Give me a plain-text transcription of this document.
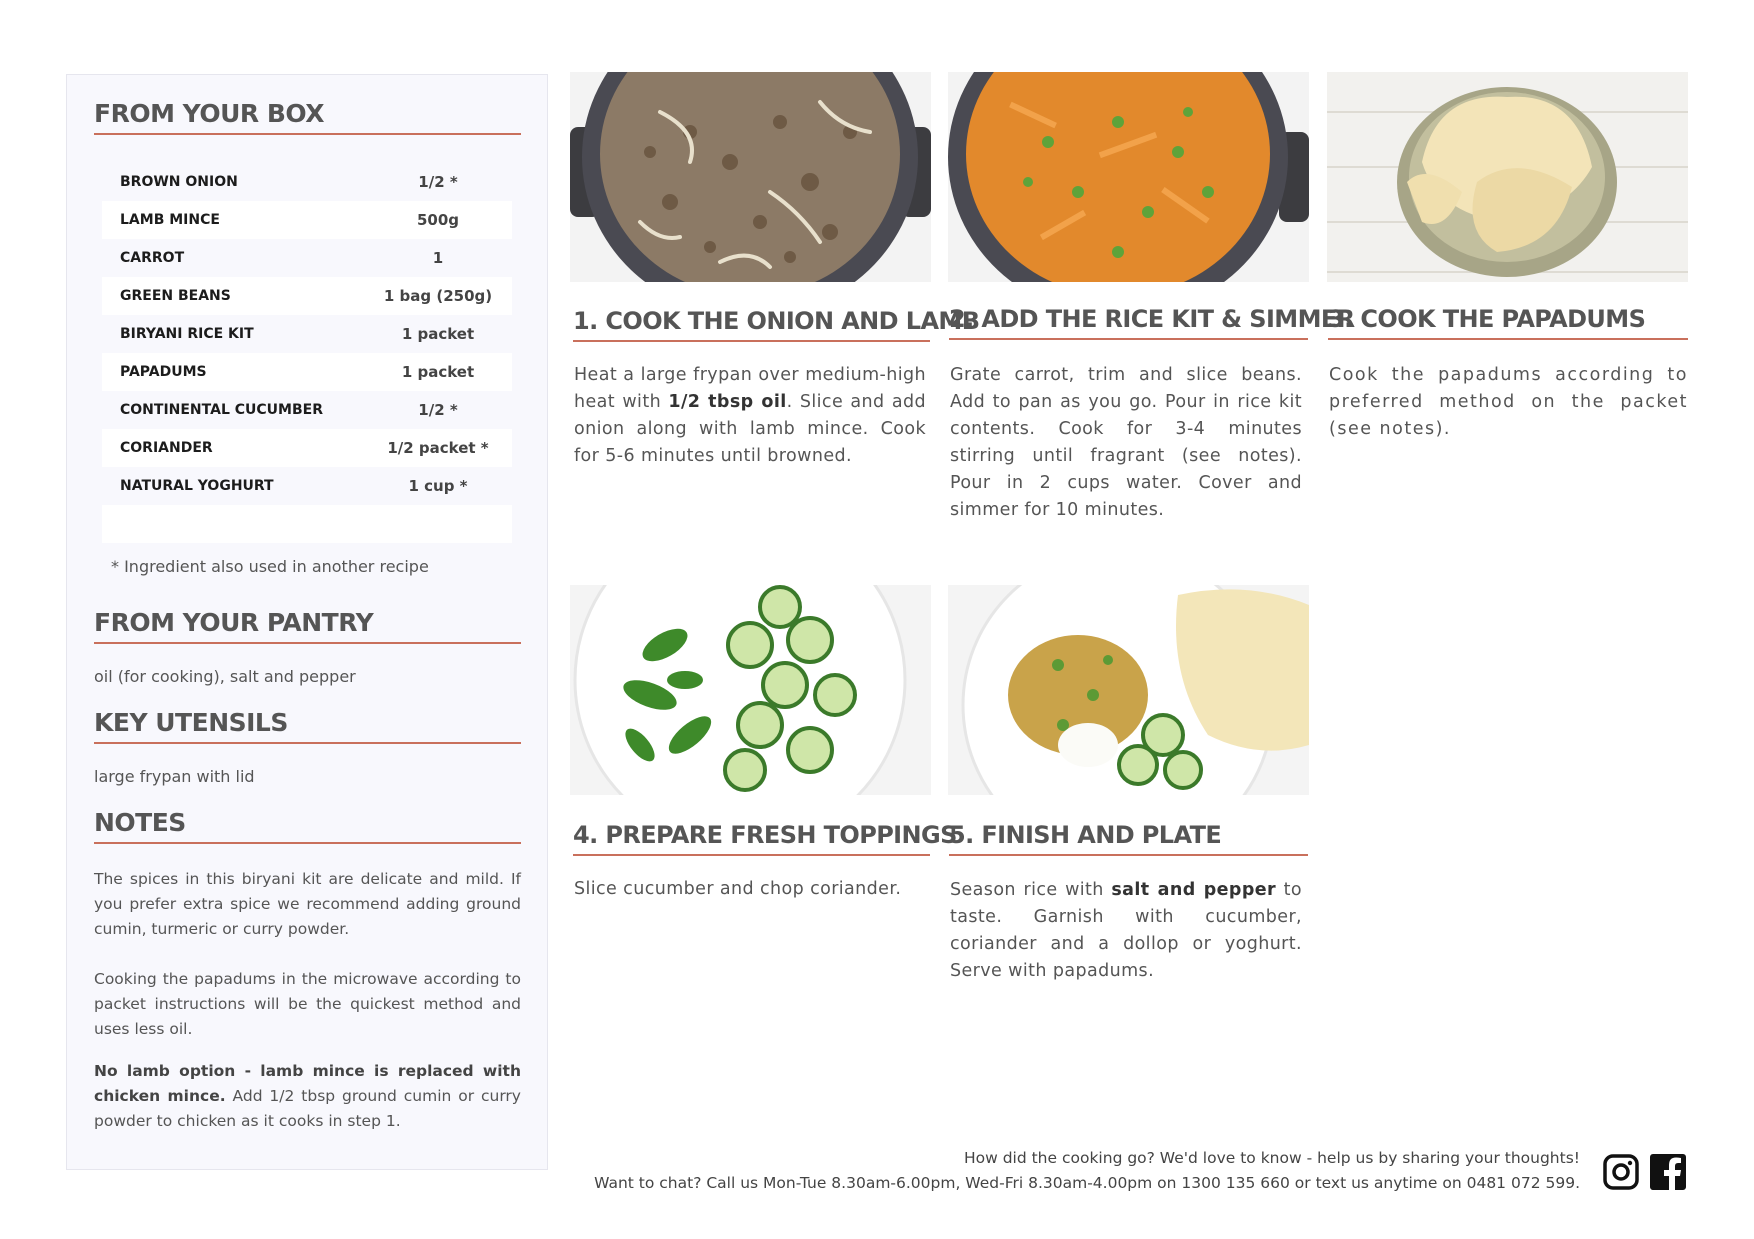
FROM YOUR BOX
BROWN ONION	1/2 *
LAMB MINCE	500g
CARROT	1
GREEN BEANS	1 bag (250g)
BIRYANI RICE KIT	1 packet
PAPADUMS	1 packet
CONTINENTAL CUCUMBER	1/2 *
CORIANDER	1/2 packet *
NATURAL YOGHURT	1 cup *
* Ingredient also used in another recipe
FROM YOUR PANTRY
oil (for cooking), salt and pepper
KEY UTENSILS
large frypan with lid
NOTES

The spices in this biryani kit are delicate and mild. If you prefer extra spice we recommend adding ground cumin, turmeric or curry powder.

Cooking the papadums in the microwave according to packet instructions will be the quickest method and uses less oil.

No lamb option - lamb mince is replaced with chicken mince. Add 1/2 tbsp ground cumin or curry powder to chicken as it cooks in step 1.

1. COOK THE ONION AND LAMB

Heat a large frypan over medium-high heat with 1/2 tbsp oil. Slice and add onion along with lamb mince. Cook for 5-6 minutes until browned.

2. ADD THE RICE KIT & SIMMER

Grate carrot, trim and slice beans. Add to pan as you go. Pour in rice kit contents. Cook for 3-4 minutes stirring until fragrant (see notes). Pour in 2 cups water. Cover and simmer for 10 minutes.

3. COOK THE PAPADUMS

Cook the papadums according to preferred method on the packet (see notes).

4. PREPARE FRESH TOPPINGS

Slice cucumber and chop coriander.

5. FINISH AND PLATE

Season rice with salt and pepper to taste. Garnish with cucumber, coriander and a dollop or yoghurt. Serve with papadums.

How did the cooking go? We'd love to know - help us by sharing your thoughts!
Want to chat? Call us Mon-Tue 8.30am-6.00pm, Wed-Fri 8.30am-4.00pm on 1300 135 660 or text us anytime on 0481 072 599.
